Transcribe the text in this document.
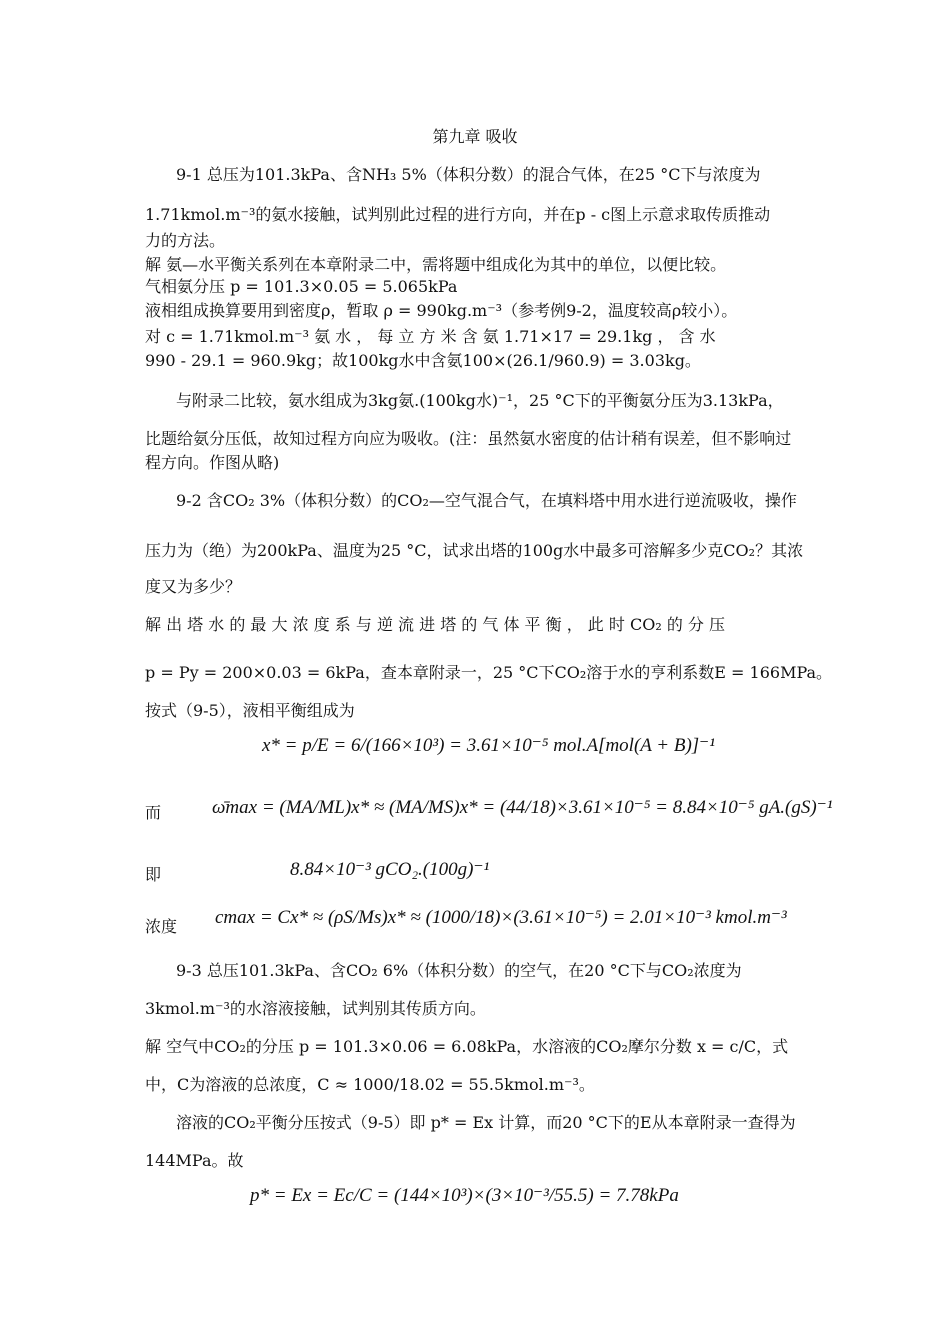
第九章 吸收
9-1 总压为101.3kPa、含NH₃ 5%（体积分数）的混合气体，在25 °C下与浓度为
1.71kmol.m⁻³的氨水接触，试判别此过程的进行方向，并在p - c图上示意求取传质推动
力的方法。
解 氨—水平衡关系列在本章附录二中，需将题中组成化为其中的单位，以便比较。
气相氨分压 p = 101.3×0.05 = 5.065kPa
液相组成换算要用到密度ρ，暂取 ρ = 990kg.m⁻³（参考例9-2，温度较高ρ较小）。
对 c = 1.71kmol.m⁻³ 氨 水 ， 每 立 方 米 含 氨 1.71×17 = 29.1kg ， 含 水
990 - 29.1 = 960.9kg；故100kg水中含氨100×(26.1/960.9) = 3.03kg。
与附录二比较，氨水组成为3kg氨.(100kg水)⁻¹，25 °C下的平衡氨分压为3.13kPa，
比题给氨分压低，故知过程方向应为吸收。(注：虽然氨水密度的估计稍有误差，但不影响过
程方向。作图从略)
9-2 含CO₂ 3%（体积分数）的CO₂—空气混合气，在填料塔中用水进行逆流吸收，操作
压力为（绝）为200kPa、温度为25 °C，试求出塔的100g水中最多可溶解多少克CO₂？其浓
度又为多少？
解 出 塔 水 的 最 大 浓 度 系 与 逆 流 进 塔 的 气 体 平 衡 ， 此 时 CO₂ 的 分 压
p = Py = 200×0.03 = 6kPa，查本章附录一，25 °C下CO₂溶于水的亨利系数E = 166MPa。
按式（9-5），液相平衡组成为
x* = p/E = 6/(166×10³) = 3.61×10⁻⁵ mol.A[mol(A + B)]⁻¹
而	ω̄max = (MA/ML)x* ≈ (MA/MS)x* = (44/18)×3.61×10⁻⁵ = 8.84×10⁻⁵ gA.(gS)⁻¹
即	8.84×10⁻³ gCO₂.(100g)⁻¹
浓度 cmax = Cx* ≈ (ρS/Ms)x* ≈ (1000/18)×(3.61×10⁻⁵) = 2.01×10⁻³ kmol.m⁻³
9-3 总压101.3kPa、含CO₂ 6%（体积分数）的空气，在20 °C下与CO₂浓度为
3kmol.m⁻³的水溶液接触，试判别其传质方向。
解 空气中CO₂的分压 p = 101.3×0.06 = 6.08kPa，水溶液的CO₂摩尔分数 x = c/C，式
中，C为溶液的总浓度，C ≈ 1000/18.02 = 55.5kmol.m⁻³。
溶液的CO₂平衡分压按式（9-5）即 p* = Ex 计算，而20 °C下的E从本章附录一查得为
144MPa。故
p* = Ex = Ec/C = (144×10³)×(3×10⁻³/55.5) = 7.78kPa
